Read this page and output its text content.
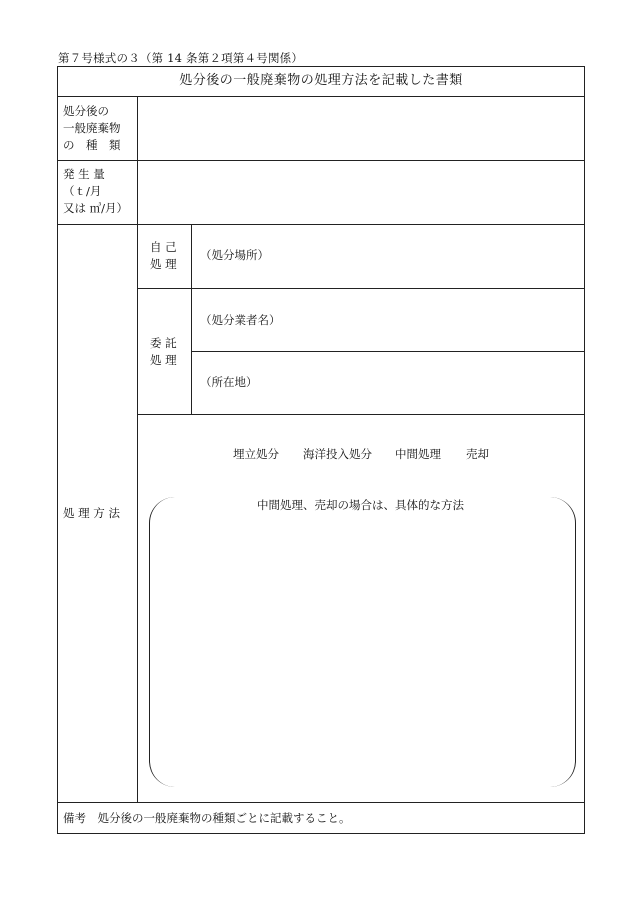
第７号様式の３（第 14 条第２項第４号関係）
処分後の一般廃棄物の処理方法を記載した書類
処分後の
一般廃棄物
の　種　類
発 生 量
（ｔ/月
又は ㎥/月）
処 理 方 法
自 己
処 理
（処分場所）
委 託
処 理
（処分業者名）
（所在地）
埋立処分 海洋投入処分 中間処理 売却
中間処理、売却の場合は、具体的な方法
備考　処分後の一般廃棄物の種類ごとに記載すること。
